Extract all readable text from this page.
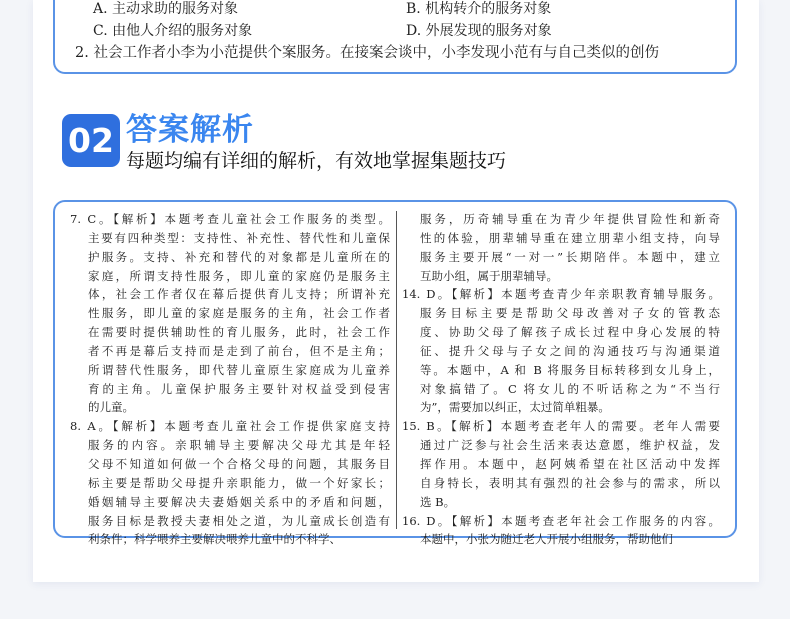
A. 主动求助的服务对象	B. 机构转介的服务对象
C. 由他人介绍的服务对象	D. 外展发现的服务对象
2. 社会工作者小李为小范提供个案服务。在接案会谈中，小李发现小范有与自己类似的创伤
02 答案解析
每题均编有详细的解析，有效地掌握集题技巧
7. C。【解析】本题考查儿童社会工作服务的类型。
主要有四种类型：支持性、补充性、替代性和儿童保
护服务。支持、补充和替代的对象都是儿童所在的
家庭，所谓支持性服务，即儿童的家庭仍是服务主
体，社会工作者仅在幕后提供育儿支持；所谓补充
性服务，即儿童的家庭是服务的主角，社会工作者
在需要时提供辅助性的育儿服务，此时，社会工作
者不再是幕后支持而是走到了前台，但不是主角；
所谓替代性服务，即代替儿童原生家庭成为儿童养
育的主角。儿童保护服务主要针对权益受到侵害
的儿童。
8. A。【解析】本题考查儿童社会工作提供家庭支持
服务的内容。亲职辅导主要解决父母尤其是年轻
父母不知道如何做一个合格父母的问题，其服务目
标主要是帮助父母提升亲职能力，做一个好家长；
婚姻辅导主要解决夫妻婚姻关系中的矛盾和问题，
服务目标是教授夫妻相处之道，为儿童成长创造有
利条件；科学喂养主要解决喂养儿童中的不科学、
服务，历奇辅导重在为青少年提供冒险性和新奇
性的体验，朋辈辅导重在建立朋辈小组支持，向导
服务主要开展“一对一”长期陪伴。本题中，建立
互助小组，属于朋辈辅导。
14. D。【解析】本题考查青少年亲职教育辅导服务。
服务目标主要是帮助父母改善对子女的管教态
度、协助父母了解孩子成长过程中身心发展的特
征、提升父母与子女之间的沟通技巧与沟通渠道
等。本题中，A 和 B 将服务目标转移到女儿身上，
对象搞错了。C 将女儿的不听话称之为“不当行
为”，需要加以纠正，太过简单粗暴。
15. B。【解析】本题考查老年人的需要。老年人需要
通过广泛参与社会生活来表达意愿，维护权益，发
挥作用。本题中，赵阿姨希望在社区活动中发挥
自身特长，表明其有强烈的社会参与的需求，所以
选 B。
16. D。【解析】本题考查老年社会工作服务的内容。
本题中，小张为随迁老人开展小组服务，帮助他们
